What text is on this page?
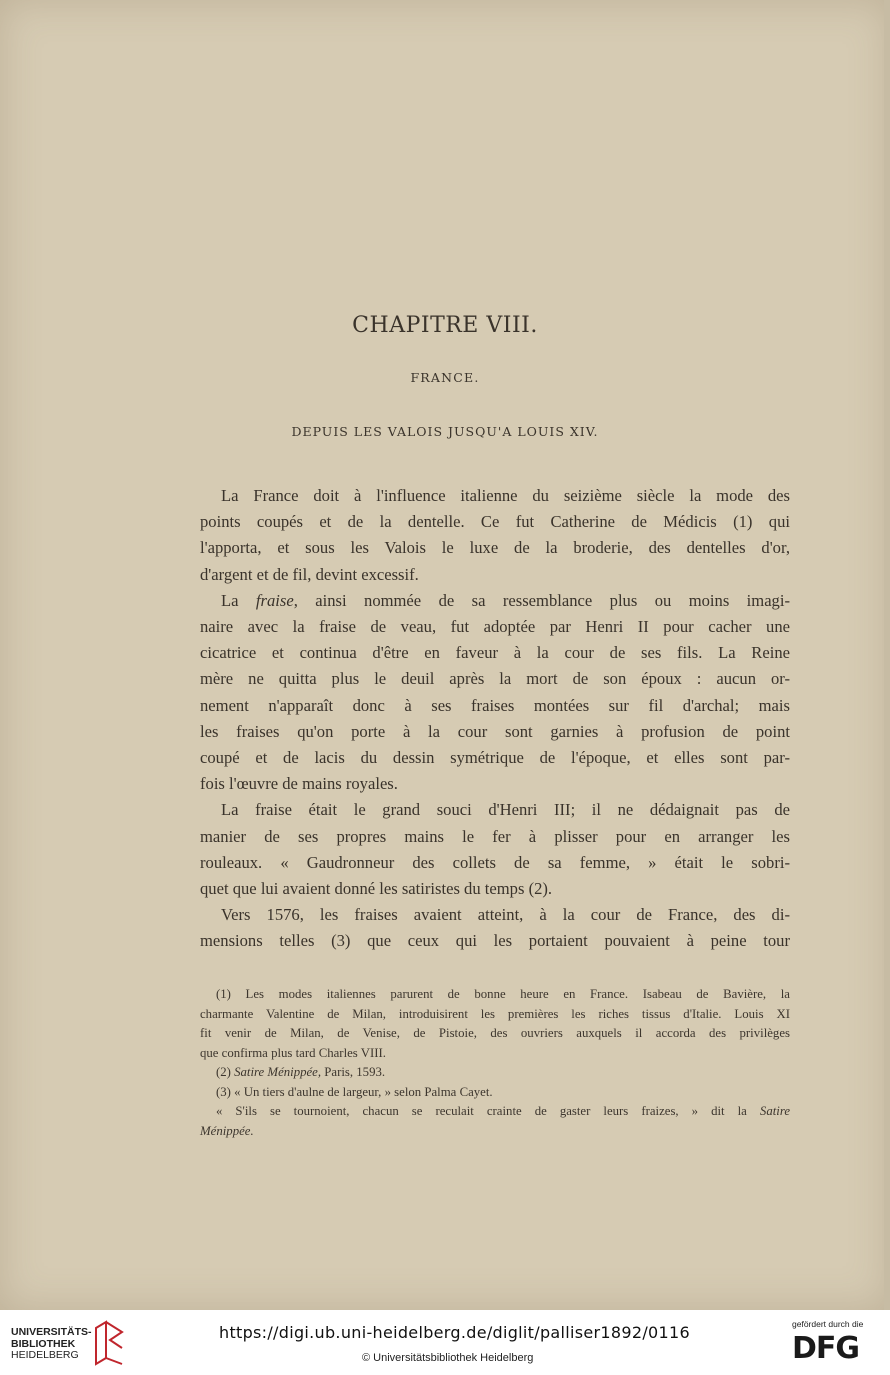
CHAPITRE VIII.
FRANCE.
DEPUIS LES VALOIS JUSQU'A LOUIS XIV.
La France doit à l'influence italienne du seizième siècle la mode des
points coupés et de la dentelle. Ce fut Catherine de Médicis (1) qui
l'apporta, et sous les Valois le luxe de la broderie, des dentelles d'or,
d'argent et de fil, devint excessif.
La fraise, ainsi nommée de sa ressemblance plus ou moins imagi-
naire avec la fraise de veau, fut adoptée par Henri II pour cacher une
cicatrice et continua d'être en faveur à la cour de ses fils. La Reine
mère ne quitta plus le deuil après la mort de son époux : aucun or-
nement n'apparaît donc à ses fraises montées sur fil d'archal; mais
les fraises qu'on porte à la cour sont garnies à profusion de point
coupé et de lacis du dessin symétrique de l'époque, et elles sont par-
fois l'œuvre de mains royales.
La fraise était le grand souci d'Henri III; il ne dédaignait pas de
manier de ses propres mains le fer à plisser pour en arranger les
rouleaux. « Gaudronneur des collets de sa femme, » était le sobri-
quet que lui avaient donné les satiristes du temps (2).
Vers 1576, les fraises avaient atteint, à la cour de France, des di-
mensions telles (3) que ceux qui les portaient pouvaient à peine tour
(1) Les modes italiennes parurent de bonne heure en France. Isabeau de Bavière, la
charmante Valentine de Milan, introduisirent les premières les riches tissus d'Italie. Louis XI
fit venir de Milan, de Venise, de Pistoie, des ouvriers auxquels il accorda des privilèges
que confirma plus tard Charles VIII.
(2) Satire Ménippée, Paris, 1593.
(3) « Un tiers d'aulne de largeur, » selon Palma Cayet.
« S'ils se tournoient, chacun se reculait crainte de gaster leurs fraizes, » dit la Satire
Ménippée.
UNIVERSITÄTS-
BIBLIOTHEK
HEIDELBERG
https://digi.ub.uni-heidelberg.de/diglit/palliser1892/0116
© Universitätsbibliothek Heidelberg
gefördert durch die
DFG
